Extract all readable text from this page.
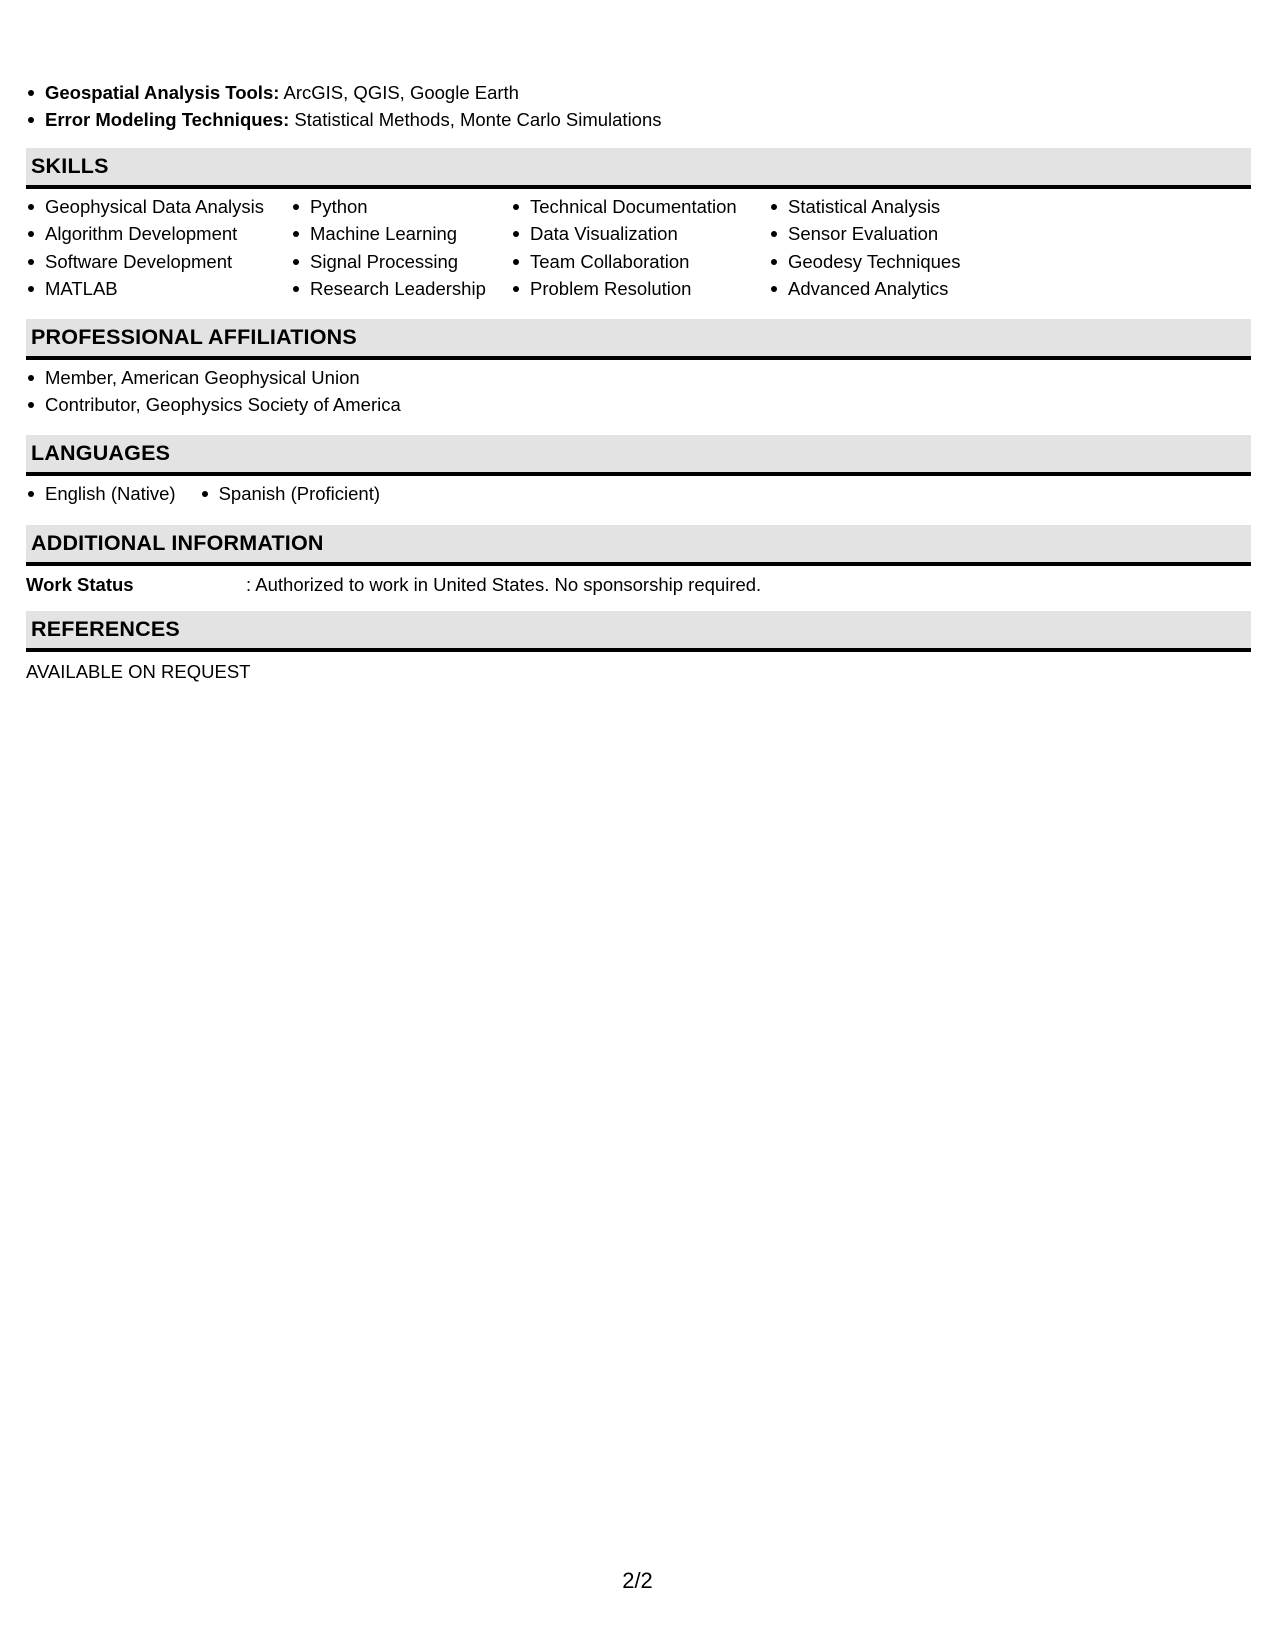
Geospatial Analysis Tools: ArcGIS, QGIS, Google Earth
Error Modeling Techniques: Statistical Methods, Monte Carlo Simulations
SKILLS
Geophysical Data Analysis
Algorithm Development
Software Development
MATLAB
Python
Machine Learning
Signal Processing
Research Leadership
Technical Documentation
Data Visualization
Team Collaboration
Problem Resolution
Statistical Analysis
Sensor Evaluation
Geodesy Techniques
Advanced Analytics
PROFESSIONAL AFFILIATIONS
Member, American Geophysical Union
Contributor, Geophysics Society of America
LANGUAGES
English (Native)	Spanish (Proficient)
ADDITIONAL INFORMATION
Work Status	: Authorized to work in United States. No sponsorship required.
REFERENCES
AVAILABLE ON REQUEST
2/2
